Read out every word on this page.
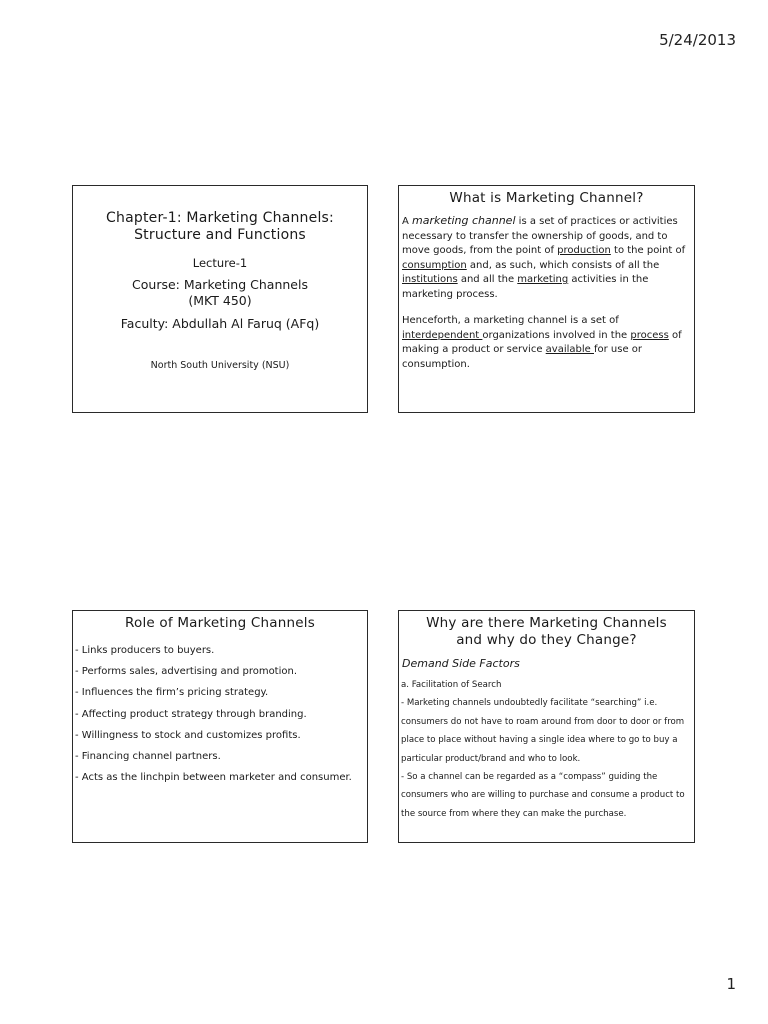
5/24/2013
Chapter-1: Marketing Channels:
Structure and Functions
Lecture-1
Course: Marketing Channels
(MKT 450)
Faculty: Abdullah Al Faruq (AFq)
North South University (NSU)
What is Marketing Channel?

A marketing channel is a set of practices or activities necessary to transfer the ownership of goods, and to move goods, from the point of production to the point of consumption and, as such, which consists of all the institutions and all the marketing activities in the marketing process.

Henceforth, a marketing channel is a set of interdependent organizations involved in the process of making a product or service available for use or consumption.

Role of Marketing Channels
- Links producers to buyers.
- Performs sales, advertising and promotion.
- Influences the firm’s pricing strategy.
- Affecting product strategy through branding.
- Willingness to stock and customizes profits.
- Financing channel partners.
- Acts as the linchpin between marketer and consumer.
Why are there Marketing Channels
and why do they Change?
Demand Side Factors
a. Facilitation of Search
- Marketing channels undoubtedly facilitate “searching” i.e.
consumers do not have to roam around from door to door or from
place to place without having a single idea where to go to buy a
particular product/brand and who to look.
- So a channel can be regarded as a “compass” guiding the
consumers who are willing to purchase and consume a product to
the source from where they can make the purchase.
1
